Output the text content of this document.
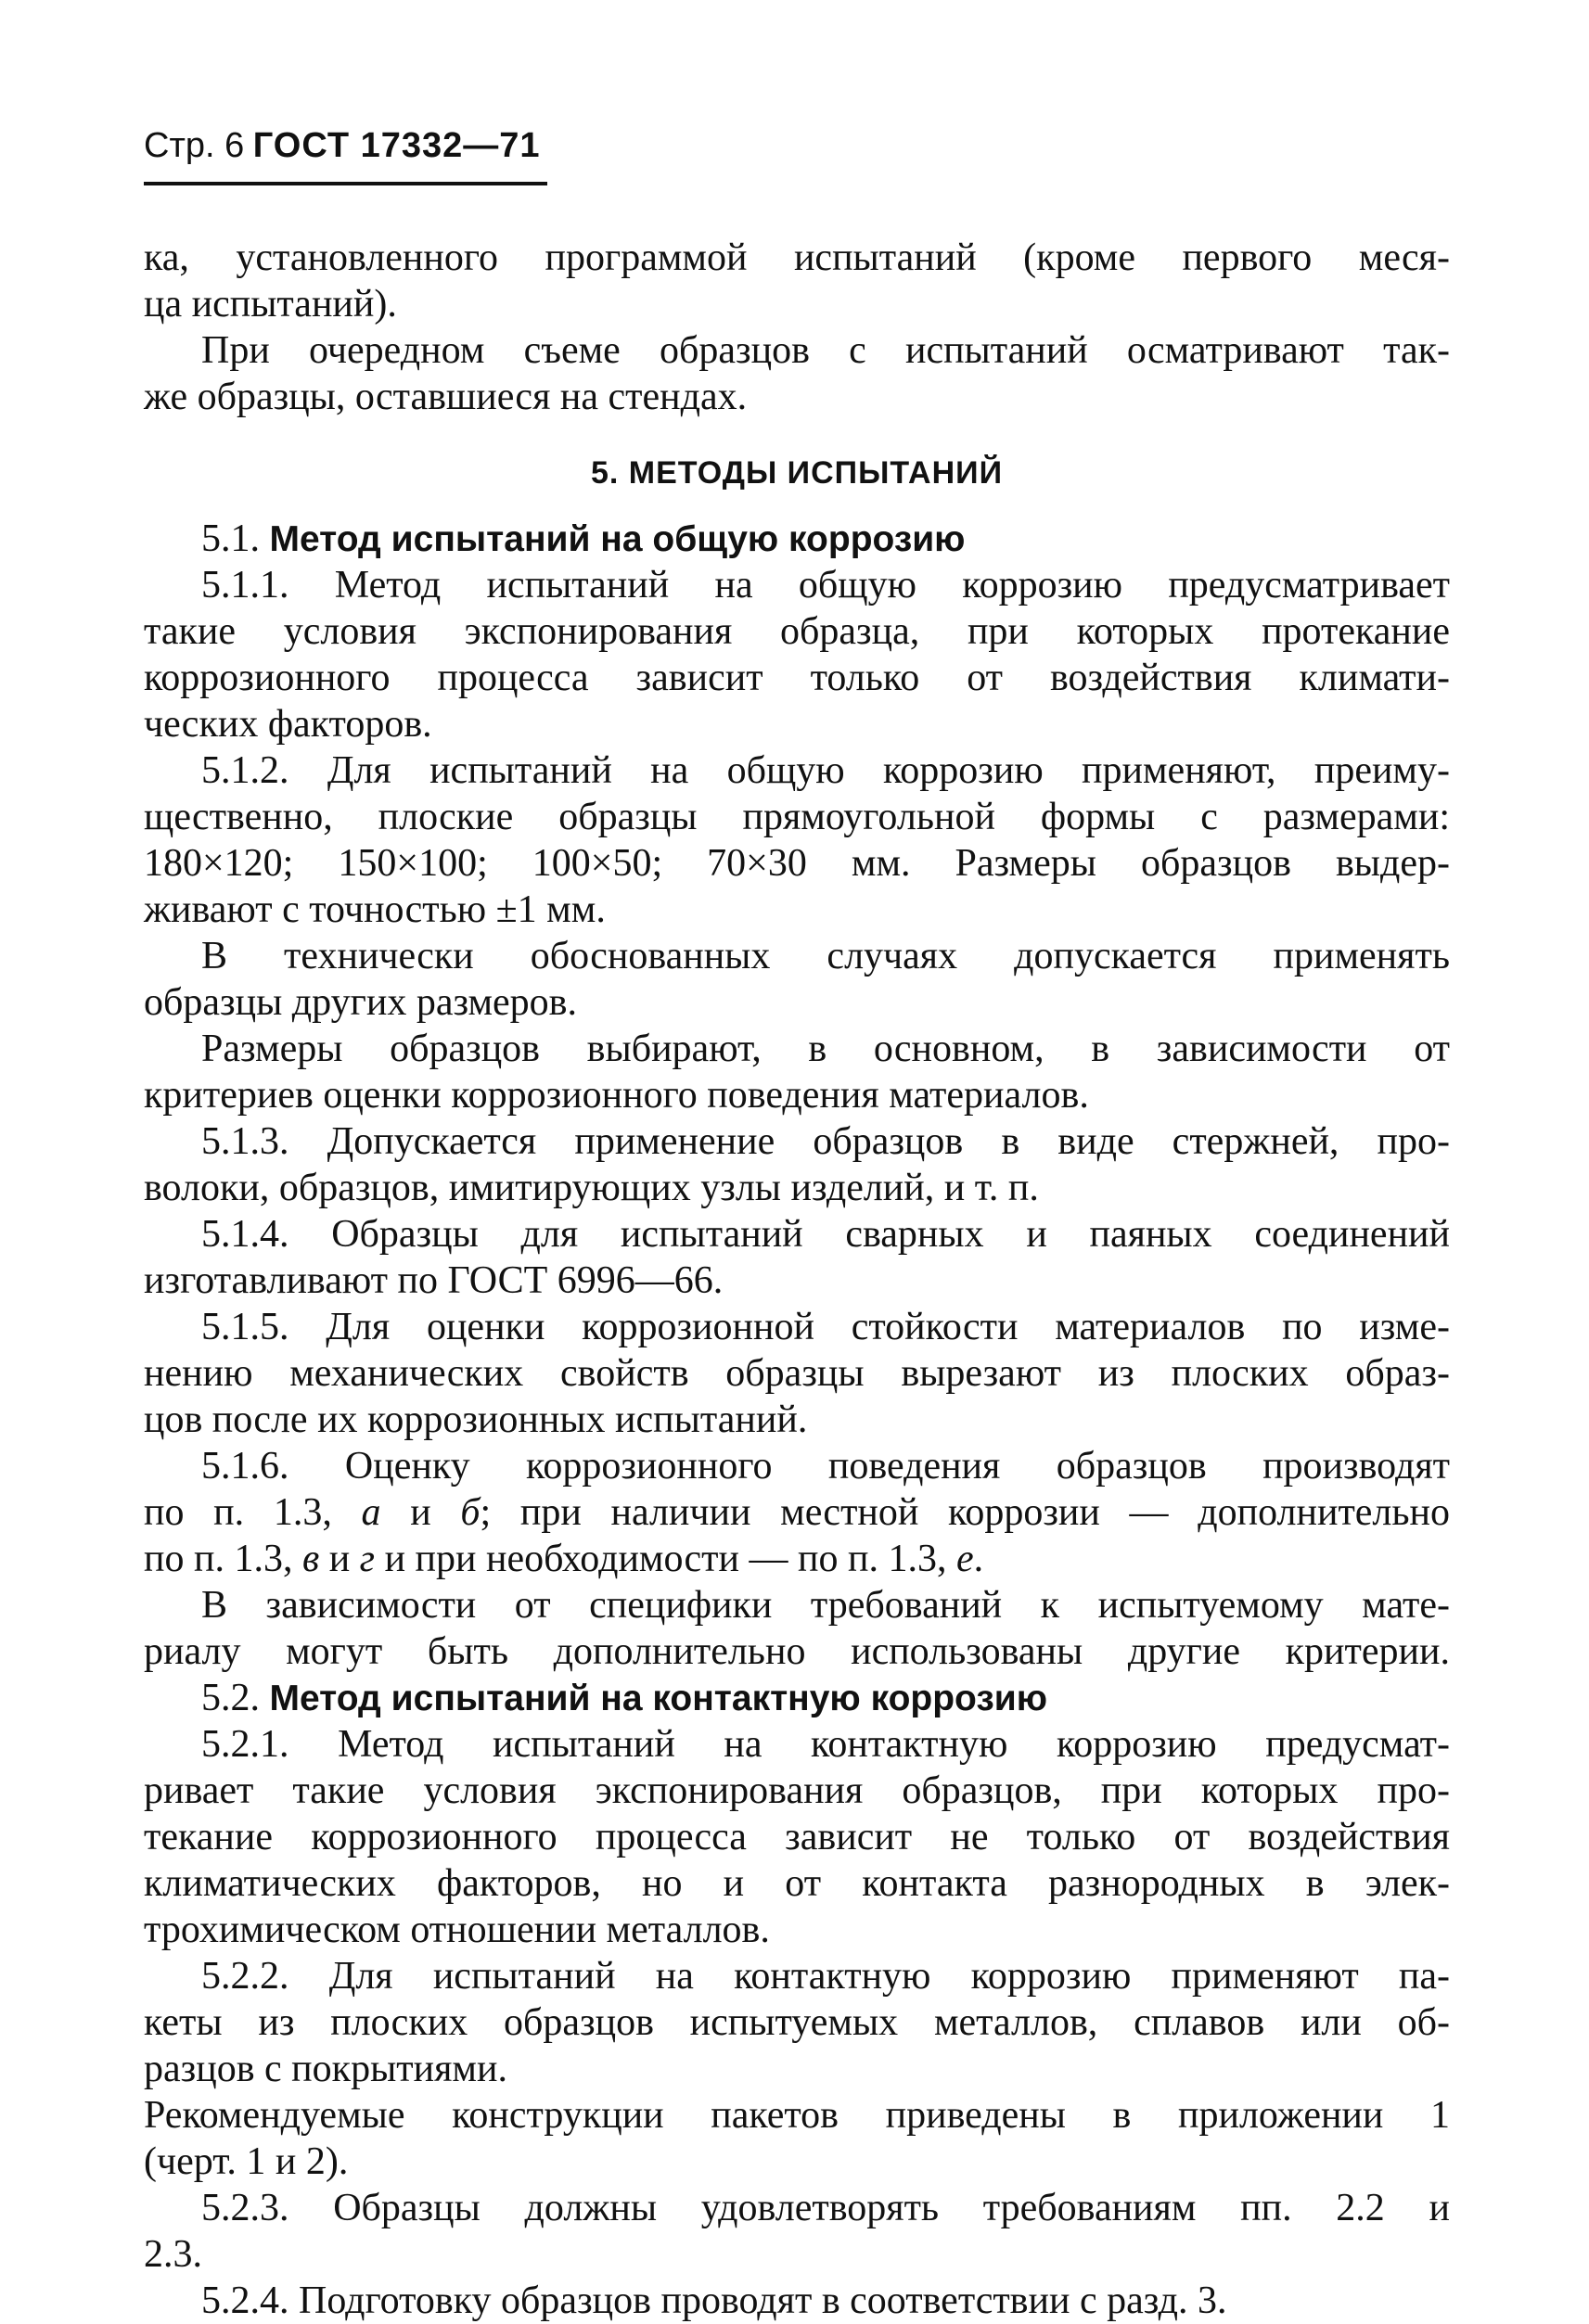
Стр. 6 ГОСТ 17332—71
ка, установленного программой испытаний (кроме первого меся-
ца испытаний).
При очередном съеме образцов с испытаний осматривают так-
же образцы, оставшиеся на стендах.
5. МЕТОДЫ ИСПЫТАНИЙ
5.1. Метод испытаний на общую коррозию
5.1.1. Метод испытаний на общую коррозию предусматривает
такие условия экспонирования образца, при которых протекание
коррозионного процесса зависит только от воздействия климати-
ческих факторов.
5.1.2. Для испытаний на общую коррозию применяют, преиму-
щественно, плоские образцы прямоугольной формы с размерами:
180×120; 150×100; 100×50; 70×30 мм. Размеры образцов выдер-
живают с точностью ±1 мм.
В технически обоснованных случаях допускается применять
образцы других размеров.
Размеры образцов выбирают, в основном, в зависимости от
критериев оценки коррозионного поведения материалов.
5.1.3. Допускается применение образцов в виде стержней, про-
волоки, образцов, имитирующих узлы изделий, и т. п.
5.1.4. Образцы для испытаний сварных и паяных соединений
изготавливают по ГОСТ 6996—66.
5.1.5. Для оценки коррозионной стойкости материалов по изме-
нению механических свойств образцы вырезают из плоских образ-
цов после их коррозионных испытаний.
5.1.6. Оценку коррозионного поведения образцов производят
по п. 1.3, а и б; при наличии местной коррозии — дополнительно
по п. 1.3, в и г и при необходимости — по п. 1.3, е.
В зависимости от специфики требований к испытуемому мате-
риалу могут быть дополнительно использованы другие критерии.
5.2. Метод испытаний на контактную коррозию
5.2.1. Метод испытаний на контактную коррозию предусмат-
ривает такие условия экспонирования образцов, при которых про-
текание коррозионного процесса зависит не только от воздействия
климатических факторов, но и от контакта разнородных в элек-
трохимическом отношении металлов.
5.2.2. Для испытаний на контактную коррозию применяют па-
кеты из плоских образцов испытуемых металлов, сплавов или об-
разцов с покрытиями.
Рекомендуемые конструкции пакетов приведены в приложении 1
(черт. 1 и 2).
5.2.3. Образцы должны удовлетворять требованиям пп. 2.2 и
2.3.
5.2.4. Подготовку образцов проводят в соответствии с разд. 3.
